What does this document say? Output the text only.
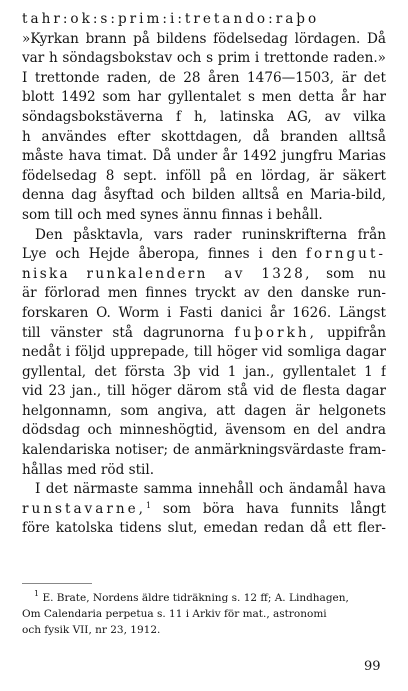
tahr:ok:s:prim:i:tretando:raþo
»Kyrkan brann på bildens födelsedag lördagen. Då
var h söndagsbokstav och s prim i trettonde raden.»
I trettonde raden, de 28 åren 1476—1503, är det
blott 1492 som har gyllentalet s men detta år har
söndagsbokstäverna f h, latinska AG, av vilka
h användes efter skottdagen, då branden alltså
måste hava timat. Då under år 1492 jungfru Marias
födelsedag 8 sept. inföll på en lördag, är säkert
denna dag åsyftad och bilden alltså en Maria-bild,
som till och med synes ännu finnas i behåll.
Den påsktavla, vars rader runinskrifterna från
Lye och Hejde åberopa, finnes i den forngut-
niska runkalendern av 1328, som nu
är förlorad men finnes tryckt av den danske run-
forskaren O. Worm i Fasti danici år 1626. Längst
till vänster stå dagrunorna fuþorkh, uppifrån
nedåt i följd upprepade, till höger vid somliga dagar
gyllental, det första 3þ vid 1 jan., gyllentalet 1 f
vid 23 jan., till höger därom stå vid de flesta dagar
helgonnamn, som angiva, att dagen är helgonets
dödsdag och minneshögtid, ävensom en del andra
kalendariska notiser; de anmärkningsvärdaste fram-
hållas med röd stil.
I det närmaste samma innehåll och ändamål hava
runstavarne,$^1$ som böra hava funnits långt
före katolska tidens slut, emedan redan då ett fler-
$^1$ E. Brate, Nordens äldre tidräkning s. 12 ff; A. Lindhagen,
Om Calendaria perpetua s. 11 i Arkiv för mat., astronomi
och fysik VII, nr 23, 1912.
99
